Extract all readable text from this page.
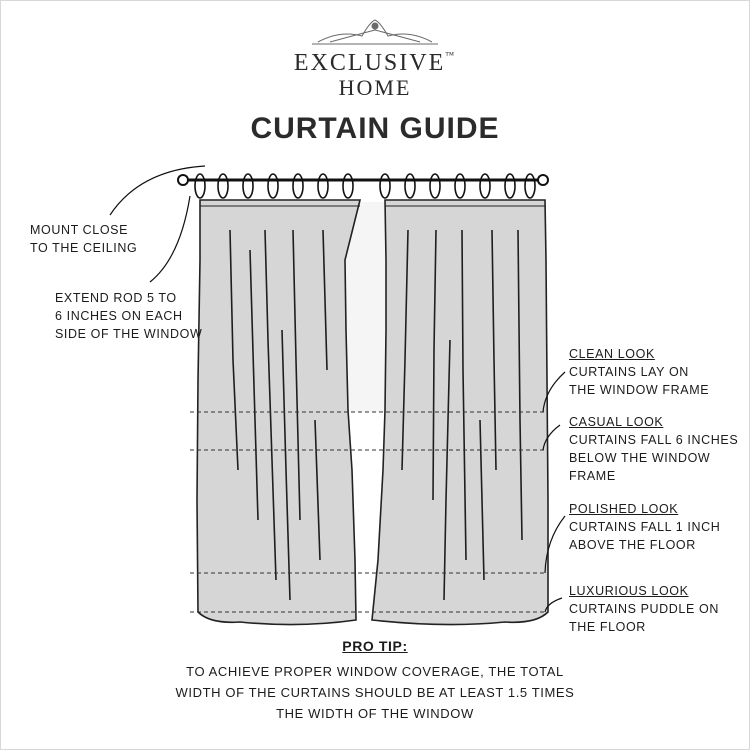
EXCLUSIVE™
HOME
CURTAIN GUIDE
MOUNT CLOSE
TO THE CEILING
EXTEND ROD 5 TO
6 INCHES ON EACH
SIDE OF THE WINDOW
CLEAN LOOK
CURTAINS LAY ON
THE WINDOW FRAME
CASUAL LOOK
CURTAINS FALL 6 INCHES
BELOW THE WINDOW
FRAME
POLISHED LOOK
CURTAINS FALL 1 INCH
ABOVE THE FLOOR
LUXURIOUS LOOK
CURTAINS PUDDLE ON
THE FLOOR
PRO TIP:
TO ACHIEVE PROPER WINDOW COVERAGE, THE TOTAL
WIDTH OF THE CURTAINS SHOULD BE AT LEAST 1.5 TIMES
THE WIDTH OF THE WINDOW
